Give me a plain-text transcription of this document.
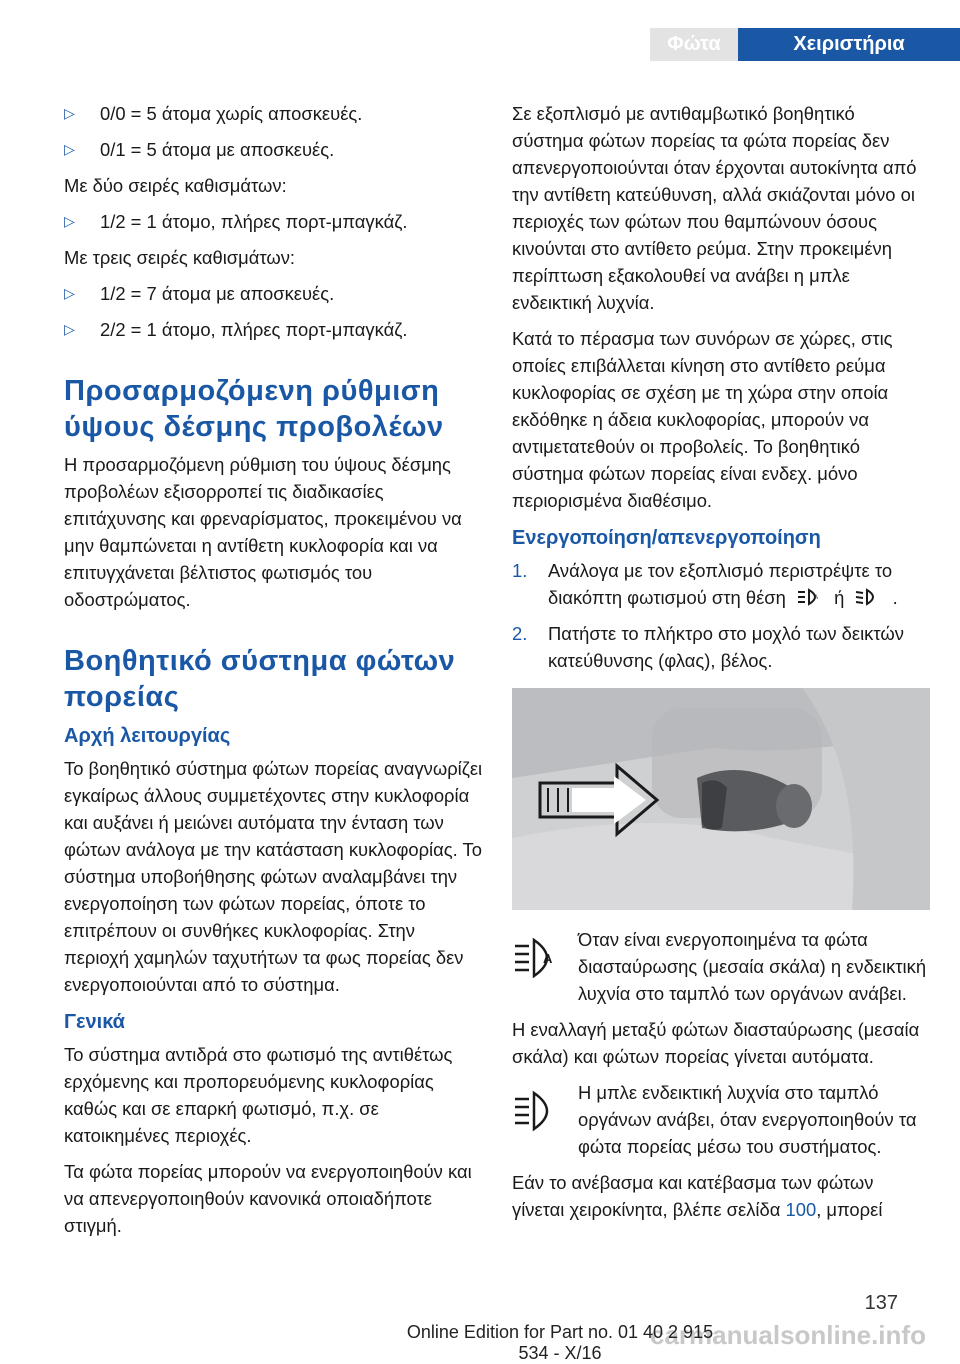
Φώτα	Χειριστήρια
▷	0/0 = 5 άτομα χωρίς αποσκευές.
▷	0/1 = 5 άτομα με αποσκευές.

Με δύο σειρές καθισμάτων:

▷	1/2 = 1 άτομο, πλήρες πορτ-μπαγκάζ.

Με τρεις σειρές καθισμάτων:

▷	1/2 = 7 άτομα με αποσκευές.
▷	2/2 = 1 άτομο, πλήρες πορτ-μπαγκάζ.
Προσαρμοζόμενη ρύθμιση ύψους δέσμης προβολέων

Η προσαρμοζόμενη ρύθμιση του ύψους δέσμης προβολέων εξισορροπεί τις διαδικασίες επιτάχυνσης και φρεναρίσματος, προκειμένου να μην θαμπώνεται η αντίθετη κυκλοφορία και να επιτυγχάνεται βέλτιστος φωτισμός του οδοστρώματος.

Βοηθητικό σύστημα φώτων πορείας
Αρχή λειτουργίας

Το βοηθητικό σύστημα φώτων πορείας αναγνωρίζει εγκαίρως άλλους συμμετέχοντες στην κυκλοφορία και αυξάνει ή μειώνει αυτόματα την ένταση των φώτων ανάλογα με την κατάσταση κυκλοφορίας. Το σύστημα υποβοήθησης φώτων αναλαμβάνει την ενεργοποίηση των φώτων πορείας, όποτε το επιτρέπουν οι συνθήκες κυκλοφορίας. Στην περιοχή χαμηλών ταχυτήτων τα φως πορείας δεν ενεργοποιούνται από το σύστημα.

Γενικά

Το σύστημα αντιδρά στο φωτισμό της αντιθέτως ερχόμενης και προπορευόμενης κυκλοφορίας καθώς και σε επαρκή φωτισμό, π.χ. σε κατοικημένες περιοχές.

Τα φώτα πορείας μπορούν να ενεργοποιηθούν και να απενεργοποιηθούν κανονικά οποιαδήποτε στιγμή.

Σε εξοπλισμό με αντιθαμβωτικό βοηθητικό σύστημα φώτων πορείας τα φώτα πορείας δεν απενεργοποιούνται όταν έρχονται αυτοκίνητα από την αντίθετη κατεύθυνση, αλλά σκιάζονται μόνο οι περιοχές των φώτων που θαμπώνουν όσους κινούνται στο αντίθετο ρεύμα. Στην προκειμένη περίπτωση εξακολουθεί να ανάβει η μπλε ενδεικτική λυχνία.

Κατά το πέρασμα των συνόρων σε χώρες, στις οποίες επιβάλλεται κίνηση στο αντίθετο ρεύμα κυκλοφορίας σε σχέση με τη χώρα στην οποία εκδόθηκε η άδεια κυκλοφορίας, μπορούν να αντιμετατεθούν οι προβολείς. Το βοηθητικό σύστημα φώτων πορείας είναι ενδεχ. μόνο περιορισμένα διαθέσιμο.

Ενεργοποίηση/απενεργοποίηση
1.	Ανάλογα με τον εξοπλισμό περιστρέψτε το διακόπτη φωτισμού στη θέση	A ή	.
2.	Πατήστε το πλήκτρο στο μοχλό των δεικτών κατεύθυνσης (φλας), βέλος.
A
Όταν είναι ενεργοποιημένα τα φώτα διασταύρωσης (μεσαία σκάλα) η ενδεικτική λυχνία στο ταμπλό των οργάνων ανάβει.

Η εναλλαγή μεταξύ φώτων διασταύρωσης (μεσαία σκάλα) και φώτων πορείας γίνεται αυτόματα.

Η μπλε ενδεικτική λυχνία στο ταμπλό οργάνων ανάβει, όταν ενεργοποιηθούν τα φώτα πορείας μέσω του συστήματος.

Εάν το ανέβασμα και κατέβασμα των φώτων γίνεται χειροκίνητα, βλέπε σελίδα 100, μπορεί

137
carmanualsonline.info
Online Edition for Part no. 01 40 2 915 534 - X/16
